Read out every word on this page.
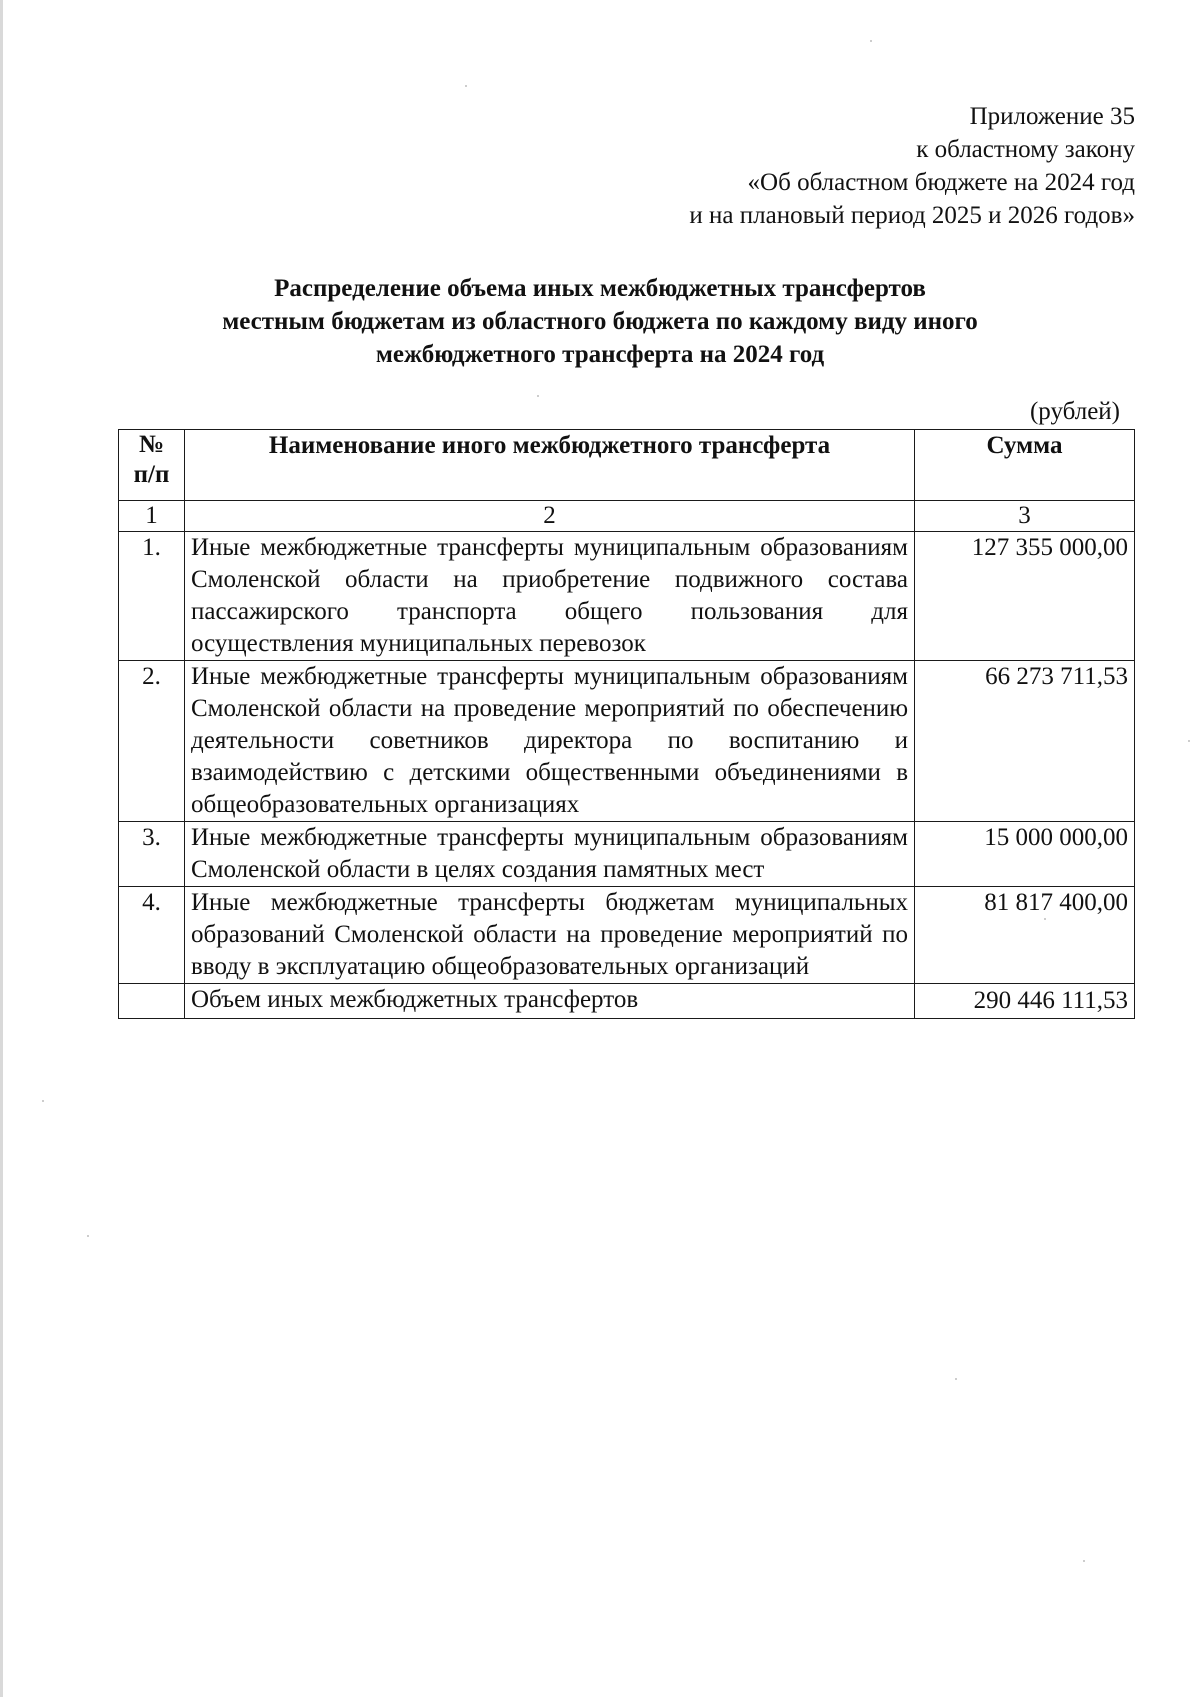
Приложение 35
к областному закону
«Об областном бюджете на 2024 год
и на плановый период 2025 и 2026 годов»
Распределение объема иных межбюджетных трансфертов
местным бюджетам из областного бюджета по каждому виду иного
межбюджетного трансферта на 2024 год
(рублей)
№
п/п	Наименование иного межбюджетного трансферта	Сумма
1	2	3
1.	Иные межбюджетные трансферты муниципальным образованиям Смоленской области на приобретение подвижного состава пассажирского транспорта общего пользования для осуществления муниципальных перевозок	127 355 000,00
2.	Иные межбюджетные трансферты муниципальным образованиям Смоленской области на проведение мероприятий по обеспечению деятельности советников директора по воспитанию и взаимодействию с детскими общественными объединениями в общеобразовательных организациях	66 273 711,53
3.	Иные межбюджетные трансферты муниципальным образованиям Смоленской области в целях создания памятных мест	15 000 000,00
4.	Иные межбюджетные трансферты бюджетам муниципальных образований Смоленской области на проведение мероприятий по вводу в эксплуатацию общеобразовательных организаций	81 817 400,00
	Объем иных межбюджетных трансфертов	290 446 111,53
